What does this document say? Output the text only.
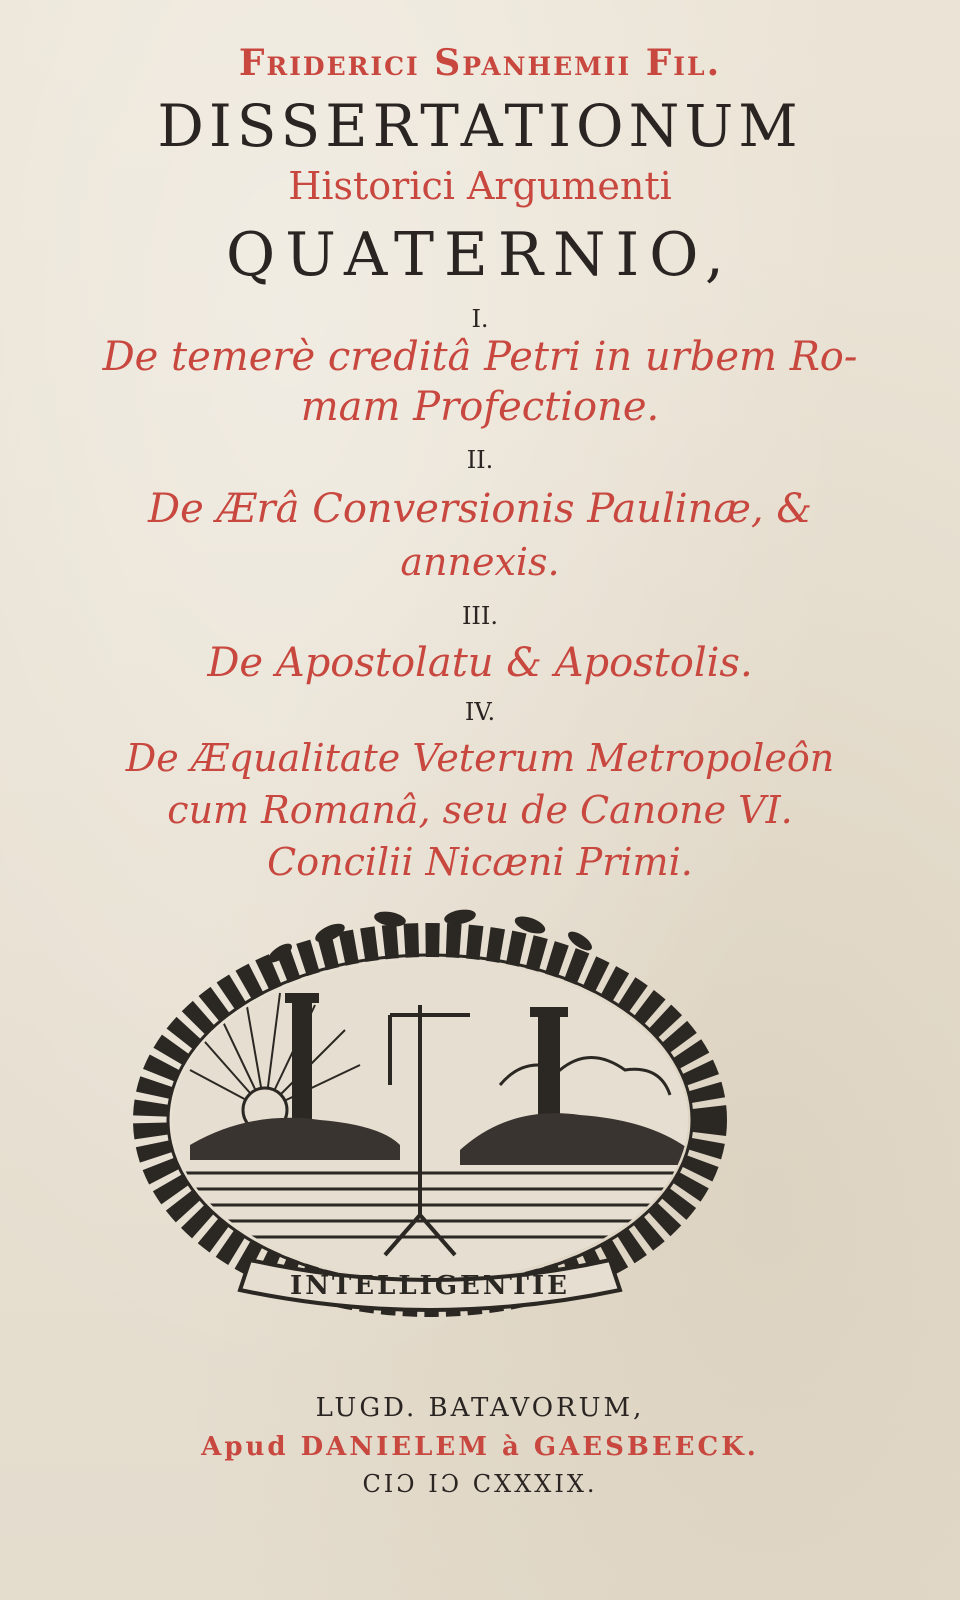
Friderici Spanhemii Fil.
DISSERTATIONUM
Historici Argumenti
QUATERNIO,
I.
De temerè creditâ Petri in urbem Ro-
mam Profectione.
II.
De Ærâ Conversionis Paulinæ, &
annexis.
III.
De Apostolatu & Apostolis.
IV.
De Æqualitate Veterum Metropoleôn
cum Romanâ, seu de Canone VI.
Concilii Nicæni Primi.
INTELLIGENTIE
LUGD. BATAVORUM,
Apud DANIELEM à GAESBEECK.
CIƆ IƆ CXXXIX.
